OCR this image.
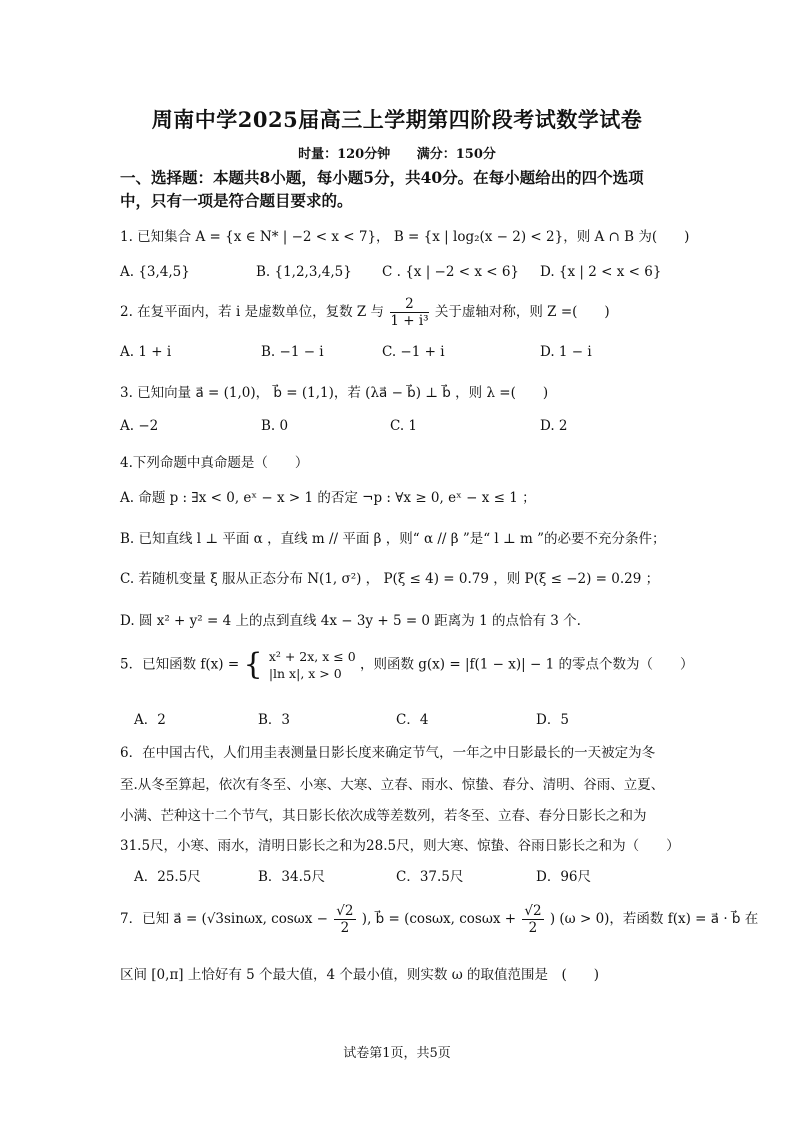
周南中学2025届高三上学期第四阶段考试数学试卷
时量：120分钟 满分：150分
一、选择题：本题共8小题，每小题5分，共40分。在每小题给出的四个选项
中，只有一项是符合题目要求的。
1. 已知集合 A = {x ∈ N* | −2 < x < 7}， B = {x | log₂(x − 2) < 2}，则 A ∩ B 为(　　)
A. {3,4,5}	B. {1,2,3,4,5} C . {x | −2 < x < 6} D. {x | 2 < x < 6}
2. 在复平面内，若 i 是虚数单位，复数 Z 与 $\frac{2}{\text{1 + i³}}$ 关于虚轴对称，则 Z =(　　)
A. 1 + i	B. −1 − i	C. −1 + i	D. 1 − i
3. 已知向量 a⃗ = (1,0)， b⃗ = (1,1)，若 (λa⃗ − b⃗) ⊥ b⃗ ，则 λ =(　　)
A. −2	B. 0	C. 1	D. 2
4.下列命题中真命题是（　　）
A. 命题 p : ∃x < 0, eˣ − x > 1 的否定 ¬p : ∀x ≥ 0, eˣ − x ≤ 1 ；
B. 已知直线 l ⊥ 平面 α ，直线 m // 平面 β ，则“ α // β ”是“ l ⊥ m ”的必要不充分条件；
C. 若随机变量 ξ 服从正态分布 N(1, σ²) ， P(ξ ≤ 4) = 0.79 ，则 P(ξ ≤ −2) = 0.29 ；
D. 圆 x² + y² = 4 上的点到直线 4x − 3y + 5 = 0 距离为 1 的点恰有 3 个.
5．已知函数 f(x) = { x² + 2x, x ≤ 0
|ln x|, x > 0
，则函数 g(x) = |f(1 − x)| − 1 的零点个数为（　　）
A．2	B．3	C．4	D．5
6．在中国古代，人们用圭表测量日影长度来确定节气，一年之中日影最长的一天被定为冬
至.从冬至算起，依次有冬至、小寒、大寒、立春、雨水、惊蛰、春分、清明、谷雨、立夏、
小满、芒种这十二个节气，其日影长依次成等差数列，若冬至、立春、春分日影长之和为
31.5尺，小寒、雨水，清明日影长之和为28.5尺，则大寒、惊蛰、谷雨日影长之和为（　　）
A．25.5尺	B．34.5尺	C．37.5尺	D．96尺
7．已知 a⃗ = (√3sinωx, $\cos\omega x - \frac{√2}{2}$ ), b⃗ = (cosωx, $\cos\omega x + \frac{√2}{2}$ ) (ω > 0)，若函数 f(x) = a⃗ · b⃗ 在
区间 [0,π] 上恰好有 5 个最大值，4 个最小值，则实数 ω 的取值范围是　(　　)
试卷第1页，共5页
